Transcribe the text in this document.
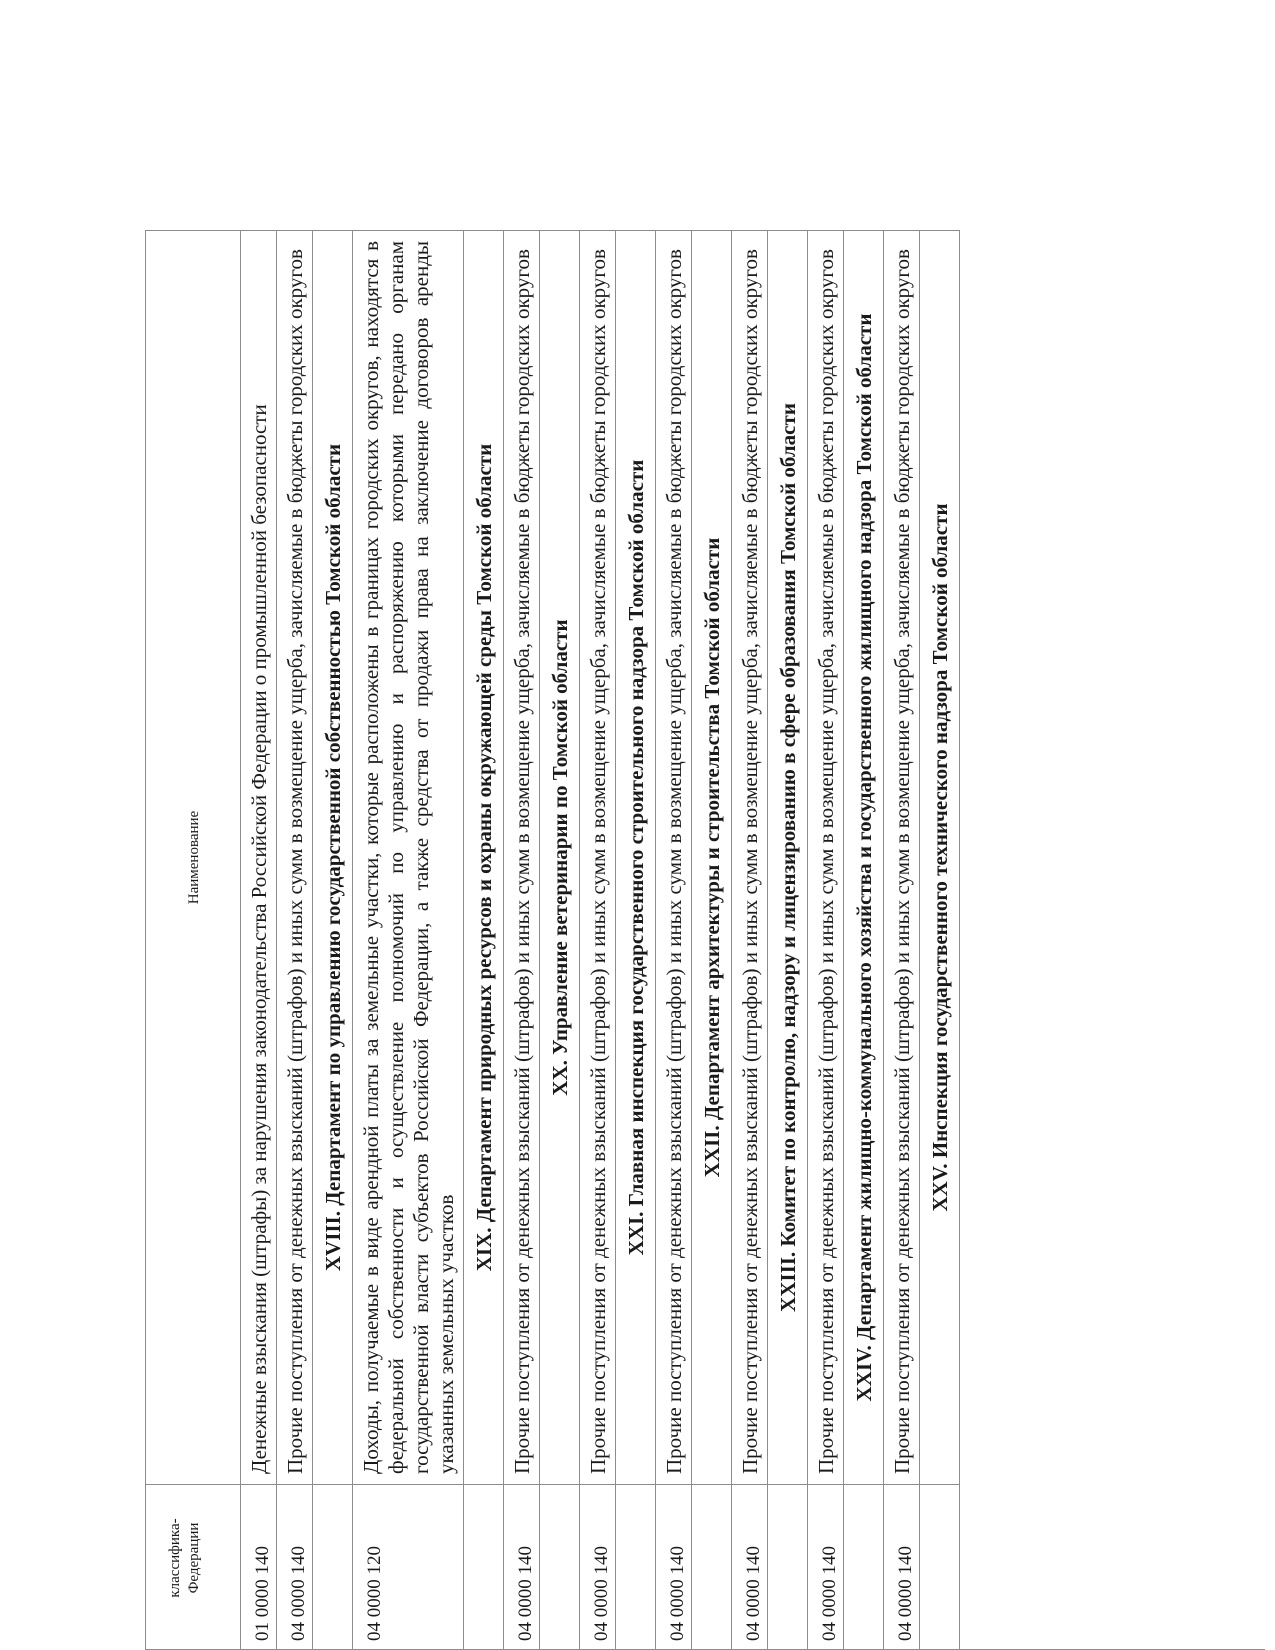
классифика-
Федерации
Наименование
01 0000 140
Денежные взыскания (штрафы) за нарушения законодательства Российской Федерации о промышленной безопасности
04 0000 140
Прочие поступления от денежных взысканий (штрафов) и иных сумм в возмещение ущерба, зачисляемые в бюджеты городских округов XVIII. Департамент по управлению государственной собственностью Томской области
04 0000 120
Доходы, получаемые в виде арендной платы за земельные участки, которые расположены в границах городских округов, находятся в федеральной собственности и осуществление полномочий по управлению и распоряжению которыми передано органам государственной власти субъектов Российской Федерации, а также средства от продажи права на заключение договоров аренды указанных земельных участков
XIX. Департамент природных ресурсов и охраны окружающей среды Томской области
04 0000 140
Прочие поступления от денежных взысканий (штрафов) и иных сумм в возмещение ущерба, зачисляемые в бюджеты городских округов XX. Управление ветеринарии по Томской области
04 0000 140
Прочие поступления от денежных взысканий (штрафов) и иных сумм в возмещение ущерба, зачисляемые в бюджеты городских округов XXI. Главная инспекция государственного строительного надзора Томской области
04 0000 140
Прочие поступления от денежных взысканий (штрафов) и иных сумм в возмещение ущерба, зачисляемые в бюджеты городских округов XXII. Департамент архитектуры и строительства Томской области
04 0000 140
Прочие поступления от денежных взысканий (штрафов) и иных сумм в возмещение ущерба, зачисляемые в бюджеты городских округов XXIII. Комитет по контролю, надзору и лицензированию в сфере образования Томской области
04 0000 140
Прочие поступления от денежных взысканий (штрафов) и иных сумм в возмещение ущерба, зачисляемые в бюджеты городских округов XXIV. Департамент жилищно-коммунального хозяйства и государственного жилищного надзора Томской области
04 0000 140
Прочие поступления от денежных взысканий (штрафов) и иных сумм в возмещение ущерба, зачисляемые в бюджеты городских округов XXV. Инспекция государственного технического надзора Томской области
